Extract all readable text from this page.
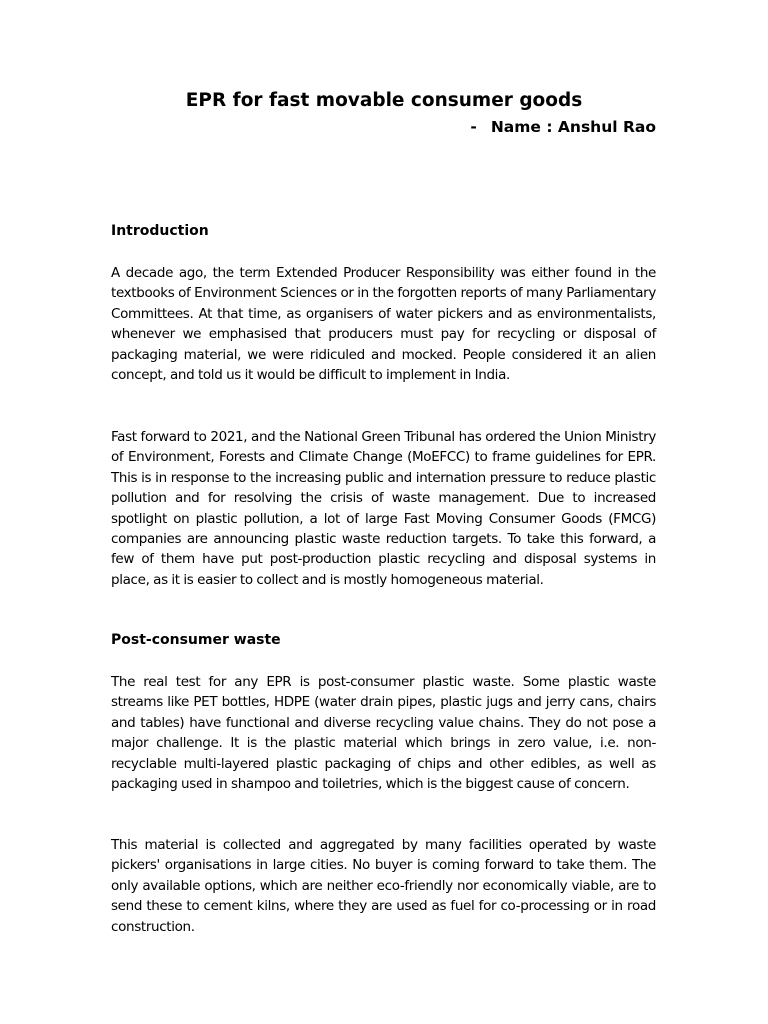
EPR for fast movable consumer goods
- Name : Anshul Rao
Introduction

A decade ago, the term Extended Producer Responsibility was either found in the textbooks of Environment Sciences or in the forgotten reports of many Parliamentary Committees. At that time, as organisers of water pickers and as environmentalists, whenever we emphasised that producers must pay for recycling or disposal of packaging material, we were ridiculed and mocked. People considered it an alien concept, and told us it would be difficult to implement in India.

Fast forward to 2021, and the National Green Tribunal has ordered the Union Ministry of Environment, Forests and Climate Change (MoEFCC) to frame guidelines for EPR. This is in response to the increasing public and internation pressure to reduce plastic pollution and for resolving the crisis of waste management. Due to increased spotlight on plastic pollution, a lot of large Fast Moving Consumer Goods (FMCG) companies are announcing plastic waste reduction targets. To take this forward, a few of them have put post-production plastic recycling and disposal systems in place, as it is easier to collect and is mostly homogeneous material.

Post-consumer waste

The real test for any EPR is post-consumer plastic waste. Some plastic waste streams like PET bottles, HDPE (water drain pipes, plastic jugs and jerry cans, chairs and tables) have functional and diverse recycling value chains. They do not pose a major challenge. It is the plastic material which brings in zero value, i.e. non-recyclable multi-layered plastic packaging of chips and other edibles, as well as packaging used in shampoo and toiletries, which is the biggest cause of concern.

This material is collected and aggregated by many facilities operated by waste pickers' organisations in large cities. No buyer is coming forward to take them. The only available options, which are neither eco-friendly nor economically viable, are to send these to cement kilns, where they are used as fuel for co-processing or in road construction.
